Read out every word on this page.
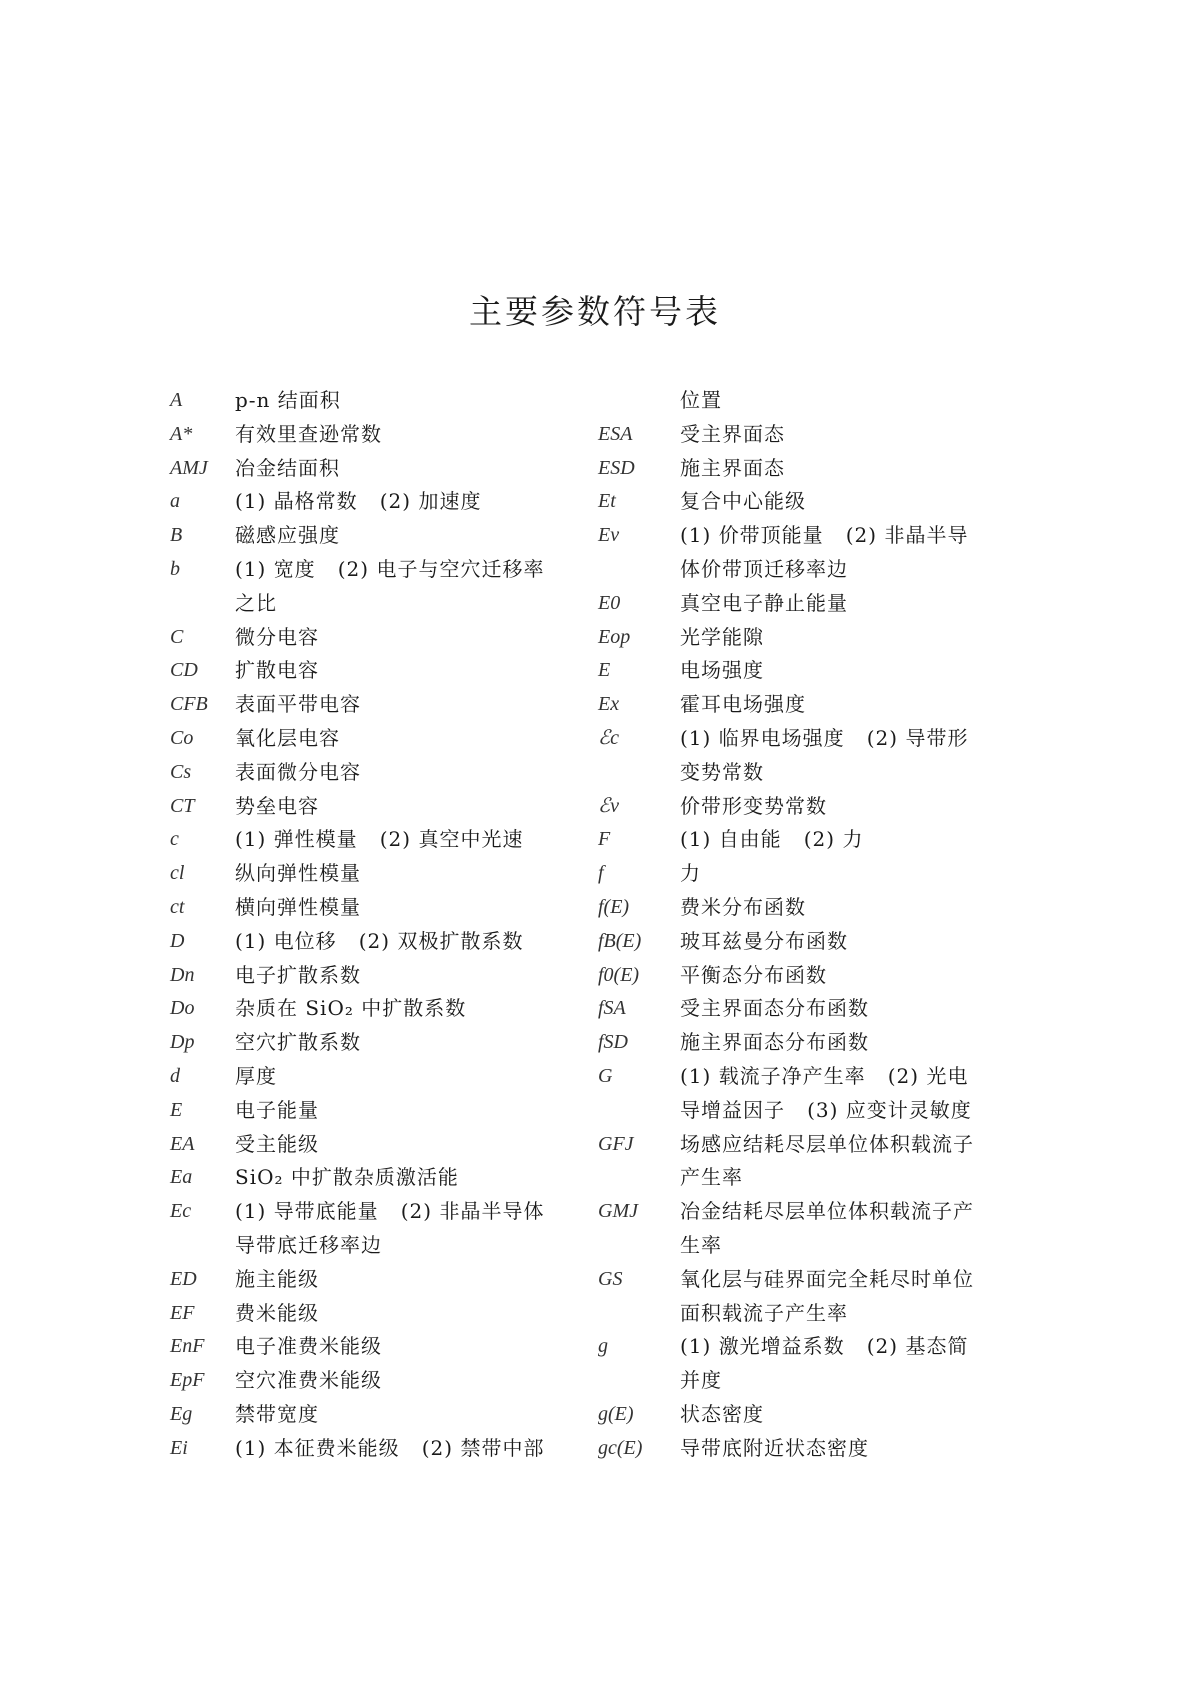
主要参数符号表
A	p-n 结面积
A*	有效里查逊常数
AMJ	冶金结面积
a	(1) 晶格常数   (2) 加速度
B	磁感应强度
b	(1) 宽度   (2) 电子与空穴迁移率
之比
C	微分电容
CD	扩散电容
CFB	表面平带电容
Co	氧化层电容
Cs	表面微分电容
CT	势垒电容
c	(1) 弹性模量   (2) 真空中光速
cl	纵向弹性模量
ct	横向弹性模量
D	(1) 电位移   (2) 双极扩散系数
Dn	电子扩散系数
Do	杂质在 SiO₂ 中扩散系数
Dp	空穴扩散系数
d	厚度
E	电子能量
EA	受主能级
Ea	SiO₂ 中扩散杂质激活能
Ec	(1) 导带底能量   (2) 非晶半导体
导带底迁移率边
ED	施主能级
EF	费米能级
EnF	电子准费米能级
EpF	空穴准费米能级
Eg	禁带宽度
Ei	(1) 本征费米能级   (2) 禁带中部
位置
ESA	受主界面态
ESD	施主界面态
Et	复合中心能级
Ev	(1) 价带顶能量   (2) 非晶半导
体价带顶迁移率边
E0	真空电子静止能量
Eop	光学能隙
E	电场强度
Ex	霍耳电场强度
ℰc	(1) 临界电场强度   (2) 导带形
变势常数
ℰv	价带形变势常数
F	(1) 自由能   (2) 力
f	力
f(E)	费米分布函数
fB(E)	玻耳兹曼分布函数
f0(E)	平衡态分布函数
fSA	受主界面态分布函数
fSD	施主界面态分布函数
G	(1) 载流子净产生率   (2) 光电
导增益因子   (3) 应变计灵敏度
GFJ	场感应结耗尽层单位体积载流子
产生率
GMJ	冶金结耗尽层单位体积载流子产
生率
GS	氧化层与硅界面完全耗尽时单位
面积载流子产生率
g	(1) 激光增益系数   (2) 基态简
并度
g(E)	状态密度
gc(E)	导带底附近状态密度
